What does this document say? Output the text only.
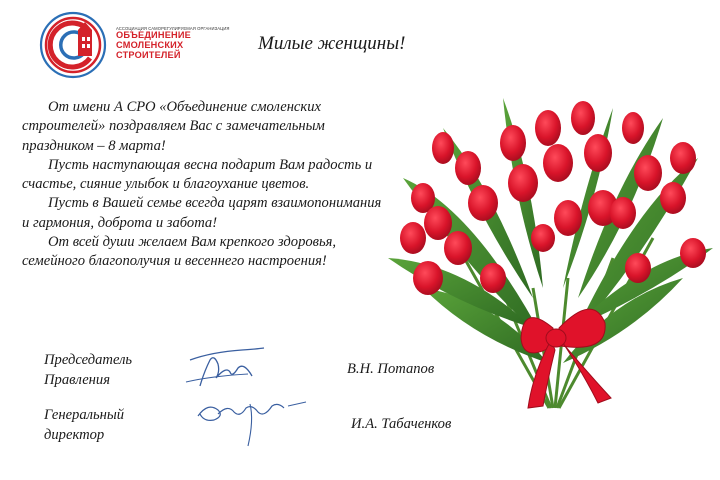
АССОЦИАЦИЯ САМОРЕГУЛИРУЕМАЯ ОРГАНИЗАЦИЯ
ОБЪЕДИНЕНИЕ
СМОЛЕНСКИХ
СТРОИТЕЛЕЙ
Милые женщины!

От имени А СРО «Объединение смоленских строителей» поздравляем Вас с замечательным праздником – 8 марта!

Пусть наступающая весна подарит Вам радость и счастье, сияние улыбок и благоухание цветов.

Пусть в Вашей семье всегда царят взаимопонимания и гармония, доброта и забота!

От всей души желаем Вам крепкого здоровья, семейного благополучия и весеннего настроения!

Председатель
Правления
В.Н. Потапов
Генеральный
директор
И.А. Табаченков
